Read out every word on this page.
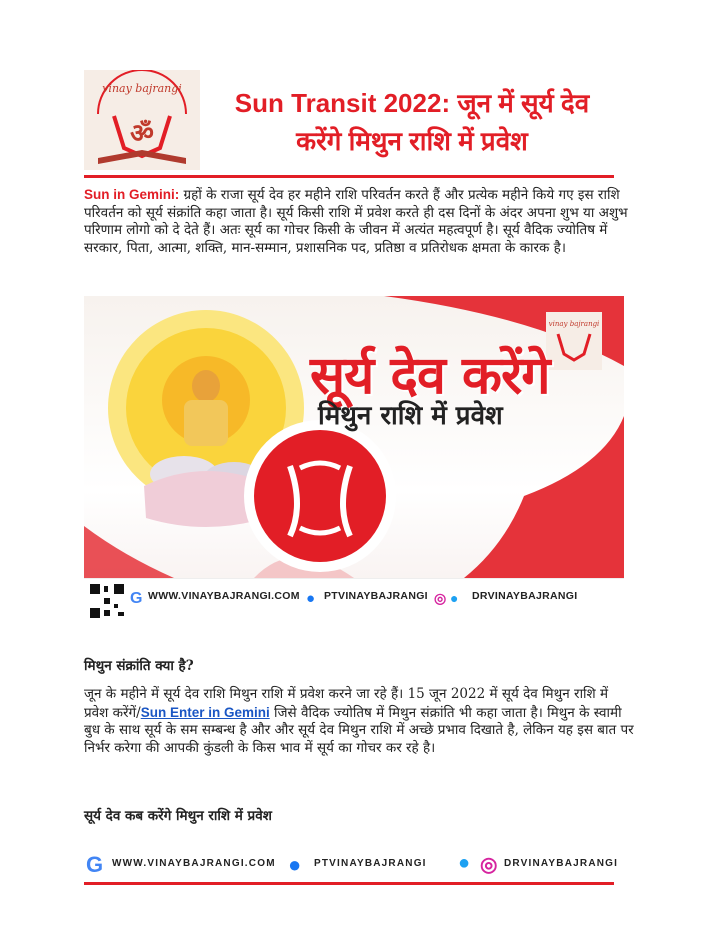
vinay bajrangi
ॐ
Sun Transit 2022: जून में सूर्य देव
करेंगे मिथुन राशि में प्रवेश
Sun in Gemini: ग्रहों के राजा सूर्य देव हर महीने राशि परिवर्तन करते हैं और प्रत्येक महीने किये गए इस राशि परिवर्तन को सूर्य संक्रांति कहा जाता है। सूर्य किसी राशि में प्रवेश करते ही दस दिनों के अंदर अपना शुभ या अशुभ परिणाम लोगो को दे देते हैं। अतः सूर्य का गोचर किसी के जीवन में अत्यंत महत्वपूर्ण है। सूर्य वैदिक ज्योतिष में सरकार, पिता, आत्मा, शक्ति, मान-सम्मान, प्रशासनिक पद, प्रतिष्ठा व प्रतिरोधक क्षमता के कारक है।
vinay bajrangi
सूर्य देव करेंगे
मिथुन राशि में प्रवेश
G WWW.VINAYBAJRANGI.COM ● PTVINAYBAJRANGI ◎ ● DRVINAYBAJRANGI
मिथुन संक्रांति क्या है?
जून के महीने में सूर्य देव राशि मिथुन राशि में प्रवेश करने जा रहे हैं। 15 जून 2022 में सूर्य देव मिथुन राशि में प्रवेश करेंगें/Sun Enter in Gemini जिसे वैदिक ज्योतिष में मिथुन संक्रांति भी कहा जाता है। मिथुन के स्वामी बुध के साथ सूर्य के सम सम्बन्ध है और और सूर्य देव मिथुन राशि में अच्छे प्रभाव दिखाते है, लेकिन यह इस बात पर निर्भर करेगा की आपकी कुंडली के किस भाव में सूर्य का गोचर कर रहे है।
सूर्य देव कब करेंगे मिथुन राशि में प्रवेश
G WWW.VINAYBAJRANGI.COM ● PTVINAYBAJRANGI ● ◎ DRVINAYBAJRANGI
